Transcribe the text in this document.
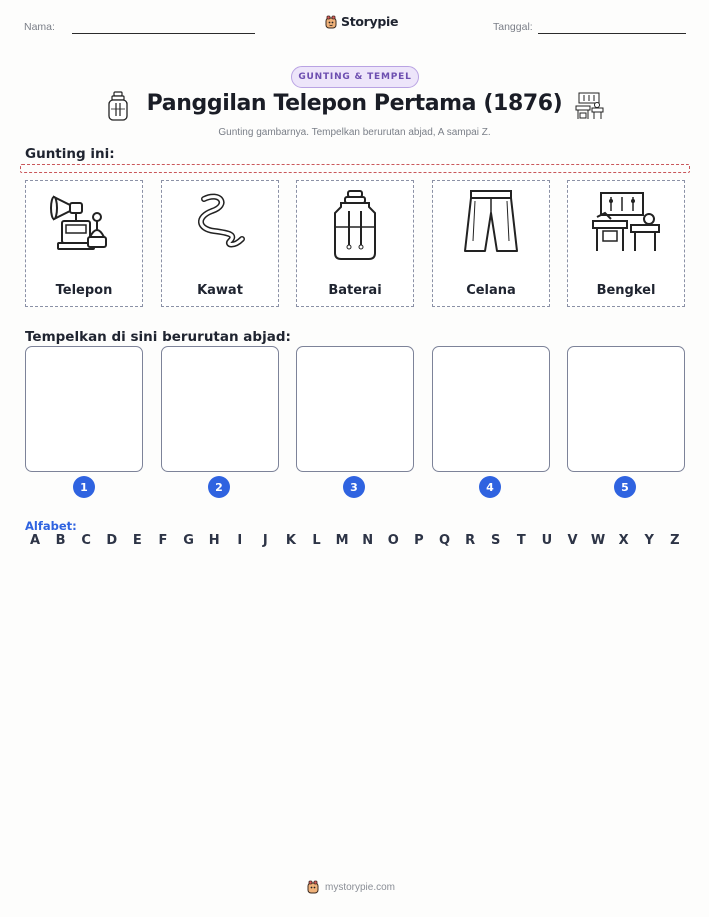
Nama:	Storypie	Tanggal:
GUNTING & TEMPEL
Panggilan Telepon Pertama (1876)
Gunting gambarnya. Tempelkan berurutan abjad, A sampai Z.
Gunting ini:
Telepon	Kawat	Baterai	Celana	Bengkel
Tempelkan di sini berurutan abjad:
1	2	3	4	5
Alfabet:
A	B	C	D	E	F	G	H	I	J	K	L	M	N	O	P	Q	R	S	T	U	V	W	X	Y	Z
mystorypie.com
